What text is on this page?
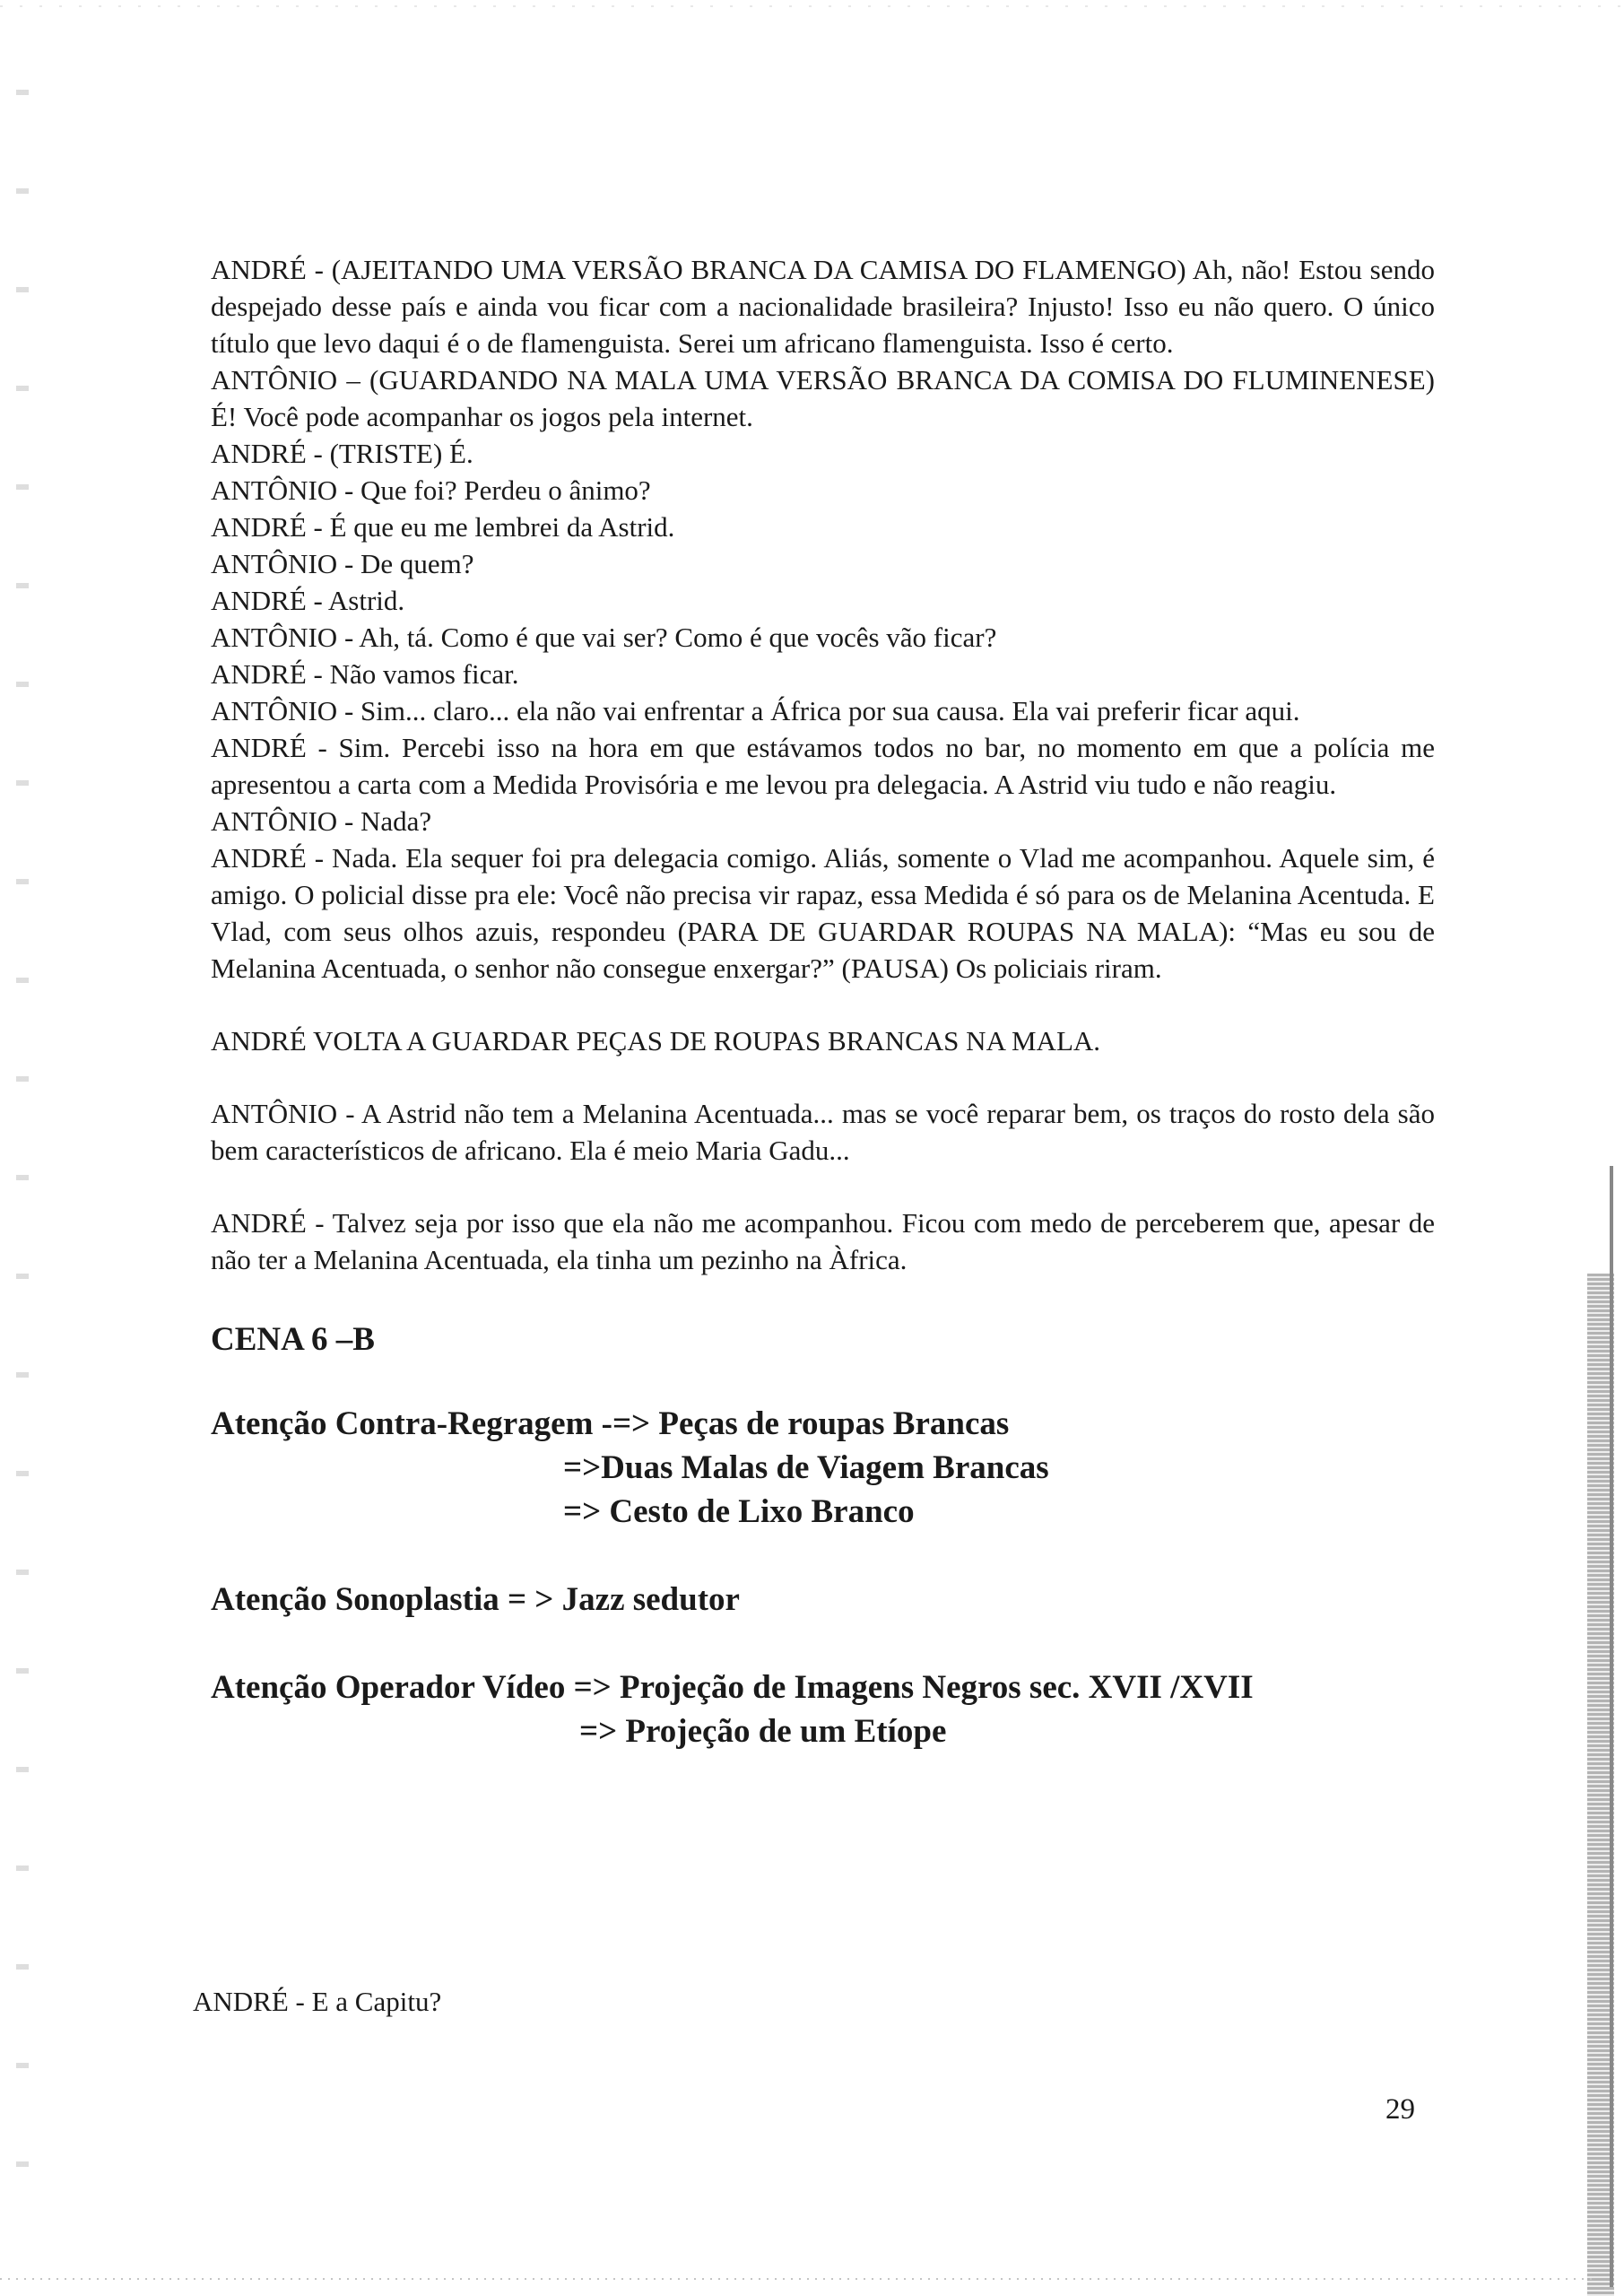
ANDRÉ - (AJEITANDO UMA VERSÃO BRANCA DA CAMISA DO FLAMENGO) Ah, não! Estou sendo despejado desse país e ainda vou ficar com a nacionalidade brasileira? Injusto! Isso eu não quero. O único título que levo daqui é o de flamenguista. Serei um africano flamenguista. Isso é certo.

ANTÔNIO – (GUARDANDO NA MALA UMA VERSÃO BRANCA DA COMISA DO FLUMINENESE) É! Você pode acompanhar os jogos pela internet.

ANDRÉ - (TRISTE) É.

ANTÔNIO - Que foi? Perdeu o ânimo?

ANDRÉ - É que eu me lembrei da Astrid.

ANTÔNIO - De quem?

ANDRÉ - Astrid.

ANTÔNIO - Ah, tá. Como é que vai ser? Como é que vocês vão ficar?

ANDRÉ - Não vamos ficar.

ANTÔNIO - Sim... claro... ela não vai enfrentar a África por sua causa. Ela vai preferir ficar aqui.

ANDRÉ - Sim. Percebi isso na hora em que estávamos todos no bar, no momento em que a polícia me apresentou a carta com a Medida Provisória e me levou pra delegacia. A Astrid viu tudo e não reagiu.

ANTÔNIO - Nada?

ANDRÉ - Nada. Ela sequer foi pra delegacia comigo. Aliás, somente o Vlad me acompanhou. Aquele sim, é amigo. O policial disse pra ele: Você não precisa vir rapaz, essa Medida é só para os de Melanina Acentuda. E Vlad, com seus olhos azuis, respondeu (PARA DE GUARDAR ROUPAS NA MALA): “Mas eu sou de Melanina Acentuada, o senhor não consegue enxergar?” (PAUSA) Os policiais riram.

ANDRÉ VOLTA A GUARDAR PEÇAS DE ROUPAS BRANCAS NA MALA.

ANTÔNIO - A Astrid não tem a Melanina Acentuada... mas se você reparar bem, os traços do rosto dela são bem característicos de africano. Ela é meio Maria Gadu...

ANDRÉ - Talvez seja por isso que ela não me acompanhou. Ficou com medo de perceberem que, apesar de não ter a Melanina Acentuada, ela tinha um pezinho na Àfrica.

CENA 6 –B

Atenção Contra-Regragem -=> Peças de roupas Brancas
=>Duas Malas de Viagem Brancas
=> Cesto de Lixo Branco
Atenção Sonoplastia = > Jazz sedutor
Atenção Operador Vídeo => Projeção de Imagens Negros sec. XVII /XVII
=> Projeção de um Etíope
ANDRÉ - E a Capitu?
29
